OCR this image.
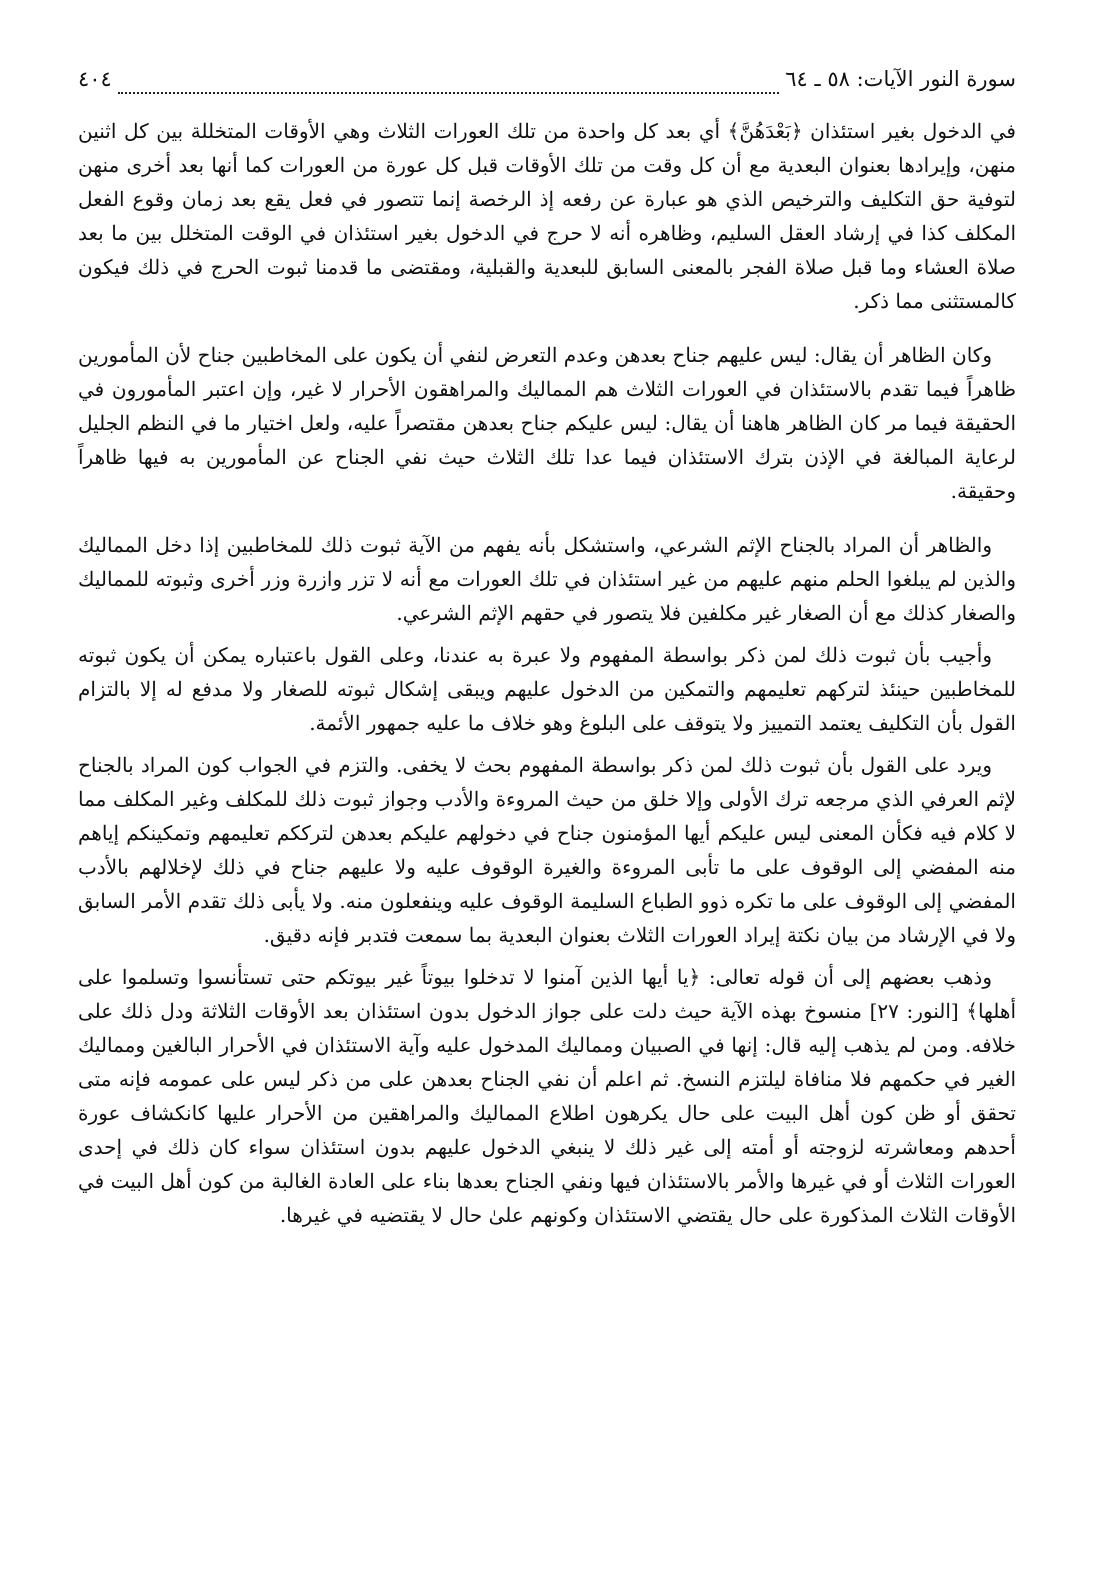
سورة النور الآيات: ٥٨ ـ ٦٤
٤٠٤

في الدخول بغير استئذان ﴿بَعْدَهُنَّ﴾ أي بعد كل واحدة من تلك العورات الثلاث وهي الأوقات المتخللة بين كل اثنين منهن، وإيرادها بعنوان البعدية مع أن كل وقت من تلك الأوقات قبل كل عورة من العورات كما أنها بعد أخرى منهن لتوفية حق التكليف والترخيص الذي هو عبارة عن رفعه إذ الرخصة إنما تتصور في فعل يقع بعد زمان وقوع الفعل المكلف كذا في إرشاد العقل السليم، وظاهره أنه لا حرج في الدخول بغير استئذان في الوقت المتخلل بين ما بعد صلاة العشاء وما قبل صلاة الفجر بالمعنى السابق للبعدية والقبلية، ومقتضى ما قدمنا ثبوت الحرج في ذلك فيكون كالمستثنى مما ذكر.

وكان الظاهر أن يقال: ليس عليهم جناح بعدهن وعدم التعرض لنفي أن يكون على المخاطبين جناح لأن المأمورين ظاهراً فيما تقدم بالاستئذان في العورات الثلاث هم المماليك والمراهقون الأحرار لا غير، وإن اعتبر المأمورون في الحقيقة فيما مر كان الظاهر هاهنا أن يقال: ليس عليكم جناح بعدهن مقتصراً عليه، ولعل اختيار ما في النظم الجليل لرعاية المبالغة في الإذن بترك الاستئذان فيما عدا تلك الثلاث حيث نفي الجناح عن المأمورين به فيها ظاهراً وحقيقة.

والظاهر أن المراد بالجناح الإثم الشرعي، واستشكل بأنه يفهم من الآية ثبوت ذلك للمخاطبين إذا دخل المماليك والذين لم يبلغوا الحلم منهم عليهم من غير استئذان في تلك العورات مع أنه لا تزر وازرة وزر أخرى وثبوته للمماليك والصغار كذلك مع أن الصغار غير مكلفين فلا يتصور في حقهم الإثم الشرعي.

وأجيب بأن ثبوت ذلك لمن ذكر بواسطة المفهوم ولا عبرة به عندنا، وعلى القول باعتباره يمكن أن يكون ثبوته للمخاطبين حينئذ لتركهم تعليمهم والتمكين من الدخول عليهم ويبقى إشكال ثبوته للصغار ولا مدفع له إلا بالتزام القول بأن التكليف يعتمد التمييز ولا يتوقف على البلوغ وهو خلاف ما عليه جمهور الأئمة.

ويرد على القول بأن ثبوت ذلك لمن ذكر بواسطة المفهوم بحث لا يخفى. والتزم في الجواب كون المراد بالجناح لإثم العرفي الذي مرجعه ترك الأولى وإلا خلق من حيث المروءة والأدب وجواز ثبوت ذلك للمكلف وغير المكلف مما لا كلام فيه فكأن المعنى ليس عليكم أيها المؤمنون جناح في دخولهم عليكم بعدهن لترككم تعليمهم وتمكينكم إياهم منه المفضي إلى الوقوف على ما تأبى المروءة والغيرة الوقوف عليه ولا عليهم جناح في ذلك لإخلالهم بالأدب المفضي إلى الوقوف على ما تكره ذوو الطباع السليمة الوقوف عليه وينفعلون منه. ولا يأبى ذلك تقدم الأمر السابق ولا في الإرشاد من بيان نكتة إيراد العورات الثلاث بعنوان البعدية بما سمعت فتدبر فإنه دقيق.

وذهب بعضهم إلى أن قوله تعالى: ﴿يا أيها الذين آمنوا لا تدخلوا بيوتاً غير بيوتكم حتى تستأنسوا وتسلموا على أهلها﴾ [النور: ٢٧] منسوخ بهذه الآية حيث دلت على جواز الدخول بدون استئذان بعد الأوقات الثلاثة ودل ذلك على خلافه. ومن لم يذهب إليه قال: إنها في الصبيان ومماليك المدخول عليه وآية الاستئذان في الأحرار البالغين ومماليك الغير في حكمهم فلا منافاة ليلتزم النسخ. ثم اعلم أن نفي الجناح بعدهن على من ذكر ليس على عمومه فإنه متى تحقق أو ظن كون أهل البيت على حال يكرهون اطلاع المماليك والمراهقين من الأحرار عليها كانكشاف عورة أحدهم ومعاشرته لزوجته أو أمته إلى غير ذلك لا ينبغي الدخول عليهم بدون استئذان سواء كان ذلك في إحدى العورات الثلاث أو في غيرها والأمر بالاستئذان فيها ونفي الجناح بعدها بناء على العادة الغالبة من كون أهل البيت في الأوقات الثلاث المذكورة على حال يقتضي الاستئذان وكونهم علىٰ حال لا يقتضيه في غيرها.
